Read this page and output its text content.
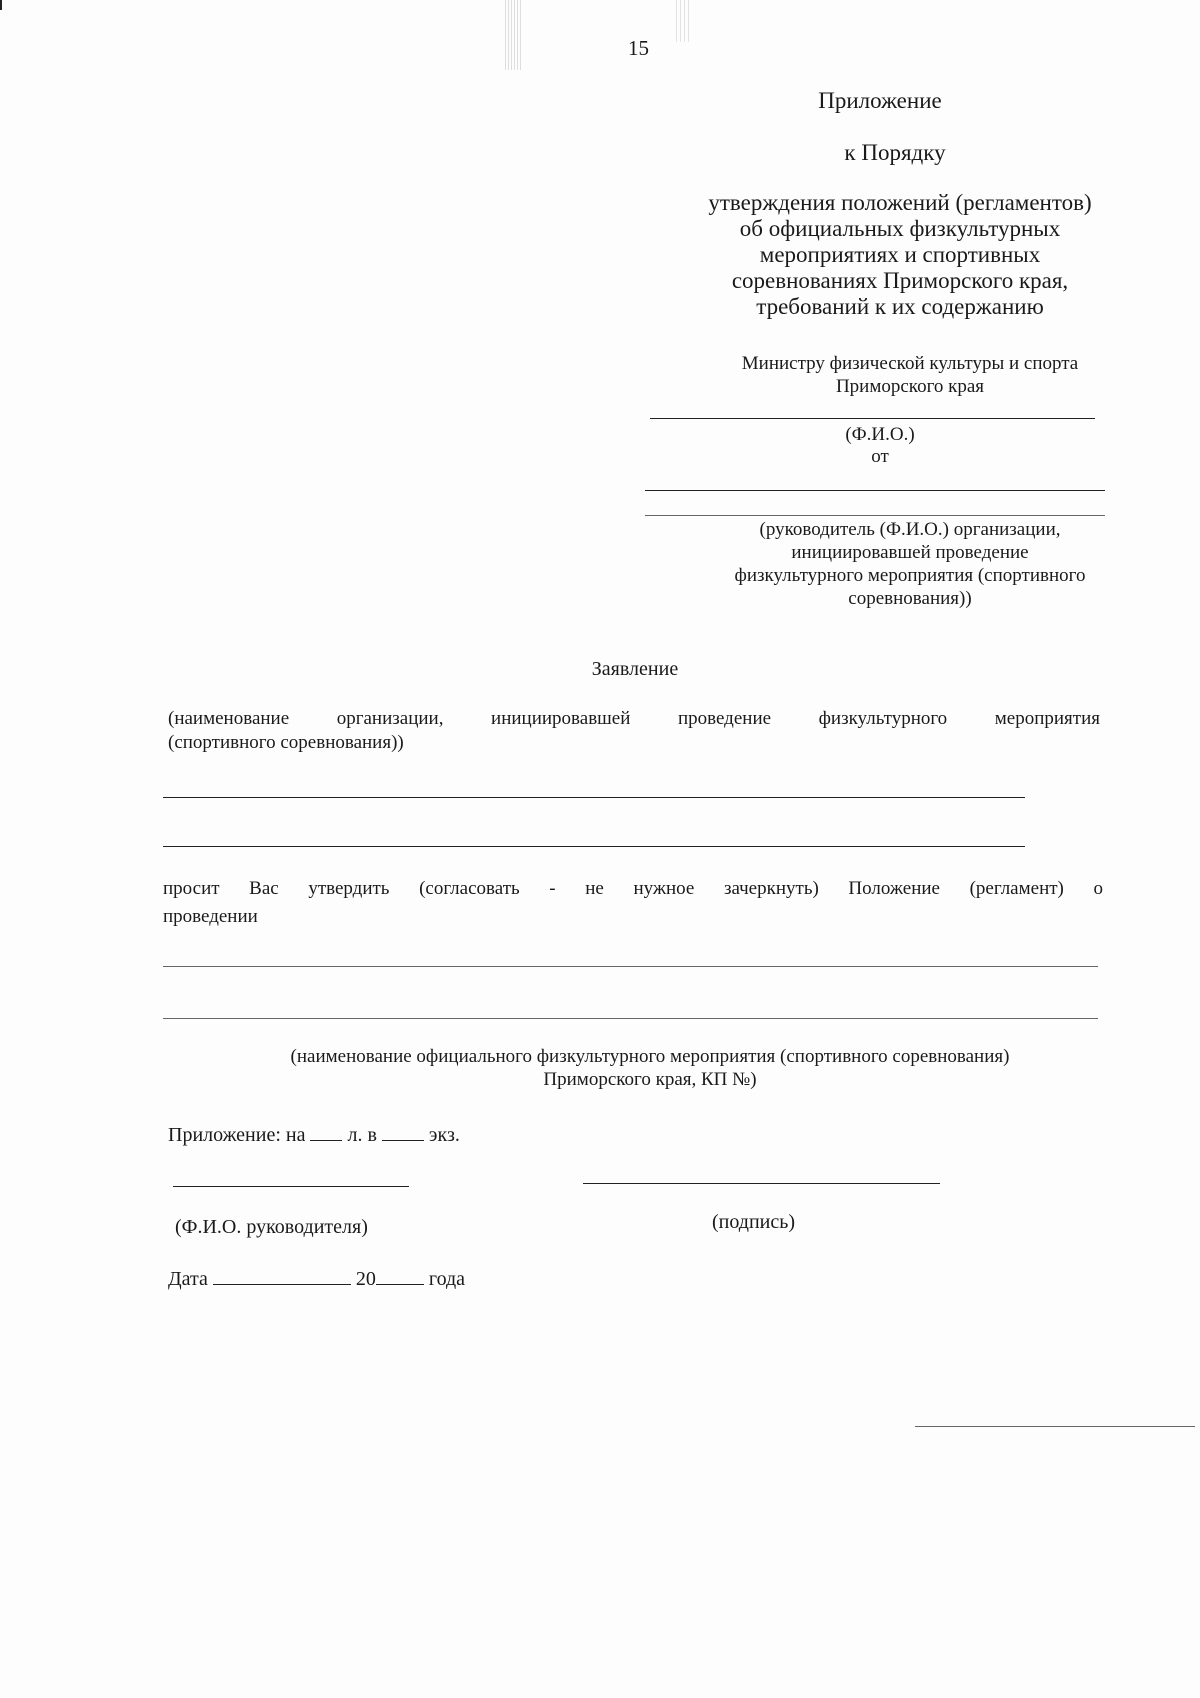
15
Приложение
к Порядку
утверждения положений (регламентов)
об официальных физкультурных
мероприятиях и спортивных
соревнованиях Приморского края,
требований к их содержанию
Министру физической культуры и спорта
Приморского края
(Ф.И.О.)
от
(руководитель (Ф.И.О.) организации,
инициировавшей проведение
физкультурного мероприятия (спортивного
соревнования))
Заявление
(наименование организации, инициировавшей проведение физкультурного мероприятия
(спортивного соревнования))
просит Вас утвердить (согласовать - не нужное зачеркнуть) Положение (регламент) о
проведении
(наименование официального физкультурного мероприятия (спортивного соревнования)
Приморского края, КП №)
Приложение: на л. в	экз.
(Ф.И.О. руководителя)	(подпись)
Дата	20	года
